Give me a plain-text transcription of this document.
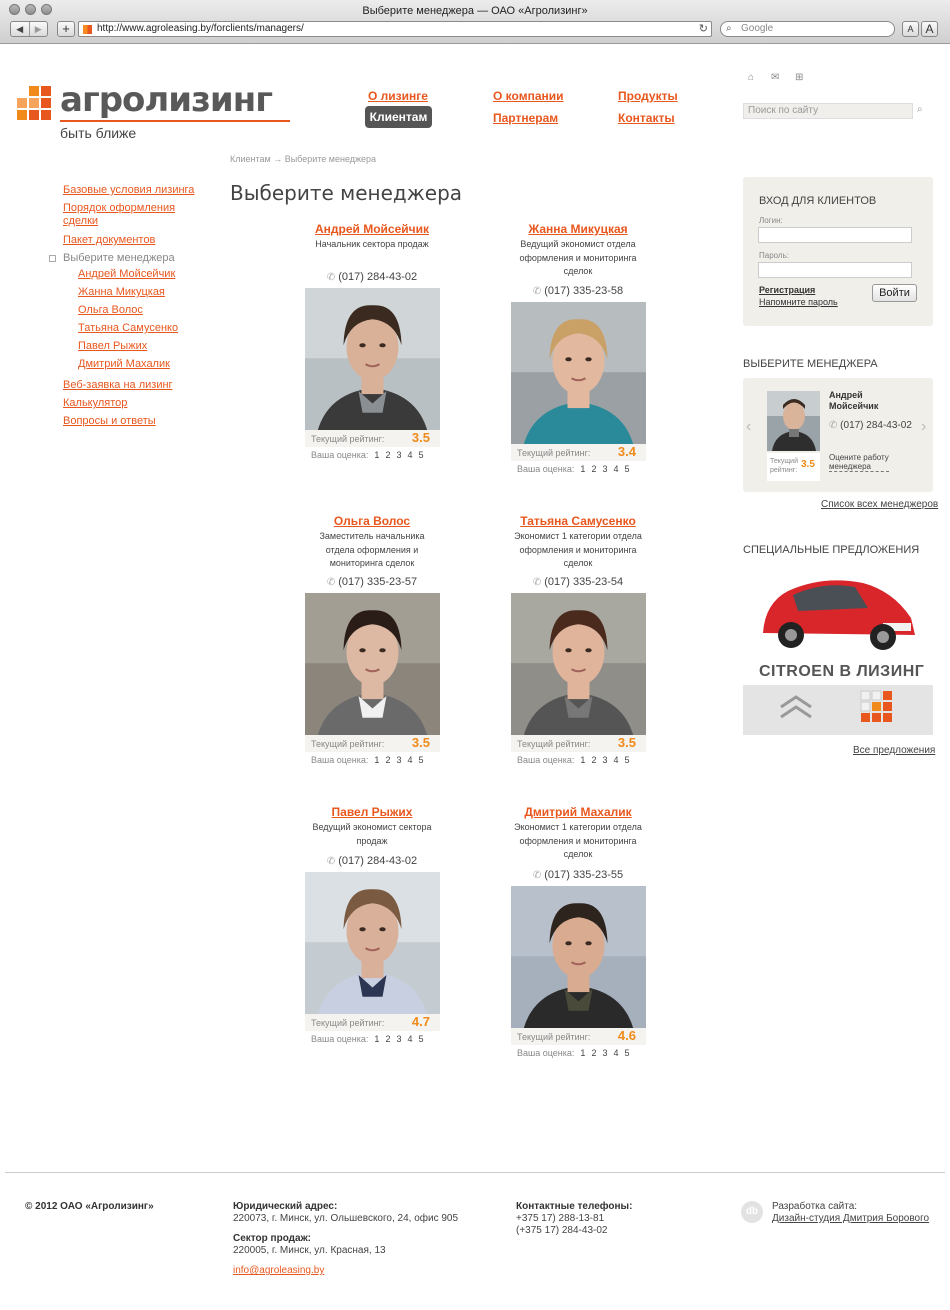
Выберите менеджера — ОАО «Агролизинг»
◀	▶	+	http://www.agroleasing.by/forclients/managers/	↻ ⌕ Google	A A
агролизинг
быть ближе
О лизинге
Клиентам
О компании
Партнерам
Продукты
Контакты
⌂ ✉ ⊞
Поиск по сайту	⌕
Клиентам → Выберите менеджера
Выберите менеджера
Базовые условия лизинга
Порядок оформления
сделки
Пакет документов
Выберите менеджера
Андрей Мойсейчик
Жанна Микуцкая
Ольга Волос
Татьяна Самусенко
Павел Рыжих
Дмитрий Махалик
Веб-заявка на лизинг
Калькулятор
Вопросы и ответы
Андрей Мойсейчик
Начальник сектора продаж
✆ (017) 284-43-02
Текущий рейтинг: 3.5
Ваша оценка: 1 2 3 4 5
Жанна Микуцкая
Ведущий экономист отдела
оформления и мониторинга
сделок
✆ (017) 335-23-58
Текущий рейтинг: 3.4
Ваша оценка: 1 2 3 4 5
Ольга Волос
Заместитель начальника
отдела оформления и
мониторинга сделок
✆ (017) 335-23-57
Текущий рейтинг: 3.5
Ваша оценка: 1 2 3 4 5
Татьяна Самусенко
Экономист 1 категории отдела
оформления и мониторинга
сделок
✆ (017) 335-23-54
Текущий рейтинг: 3.5
Ваша оценка: 1 2 3 4 5
Павел Рыжих
Ведущий экономист сектора
продаж
✆ (017) 284-43-02
Текущий рейтинг: 4.7
Ваша оценка: 1 2 3 4 5
Дмитрий Махалик
Экономист 1 категории отдела
оформления и мониторинга
сделок
✆ (017) 335-23-55
Текущий рейтинг: 4.6
Ваша оценка: 1 2 3 4 5
ВХОД ДЛЯ КЛИЕНТОВ
Логин:
Пароль:
Регистрация
Напомните пароль
Войти
ВЫБЕРИТЕ МЕНЕДЖЕРА
‹	›
Андрей
Мойсейчик
✆ (017) 284-43-02
Текущий
рейтинг:
3.5
Оцените работу
менеджера
Список всех менеджеров
СПЕЦИАЛЬНЫЕ ПРЕДЛОЖЕНИЯ
CITROEN В ЛИЗИНГ
Все предложения
© 2012 ОАО «Агролизинг»	Юридический адрес:
220073, г. Минск, ул. Ольшевского, 24, офис 905
Сектор продаж:
220005, г. Минск, ул. Красная, 13
info@agroleasing.by
Контактные телефоны:
+375 17) 288-13-81
(+375 17) 284-43-02
db	Разработка сайта:
Дизайн-студия Дмитрия Борового
